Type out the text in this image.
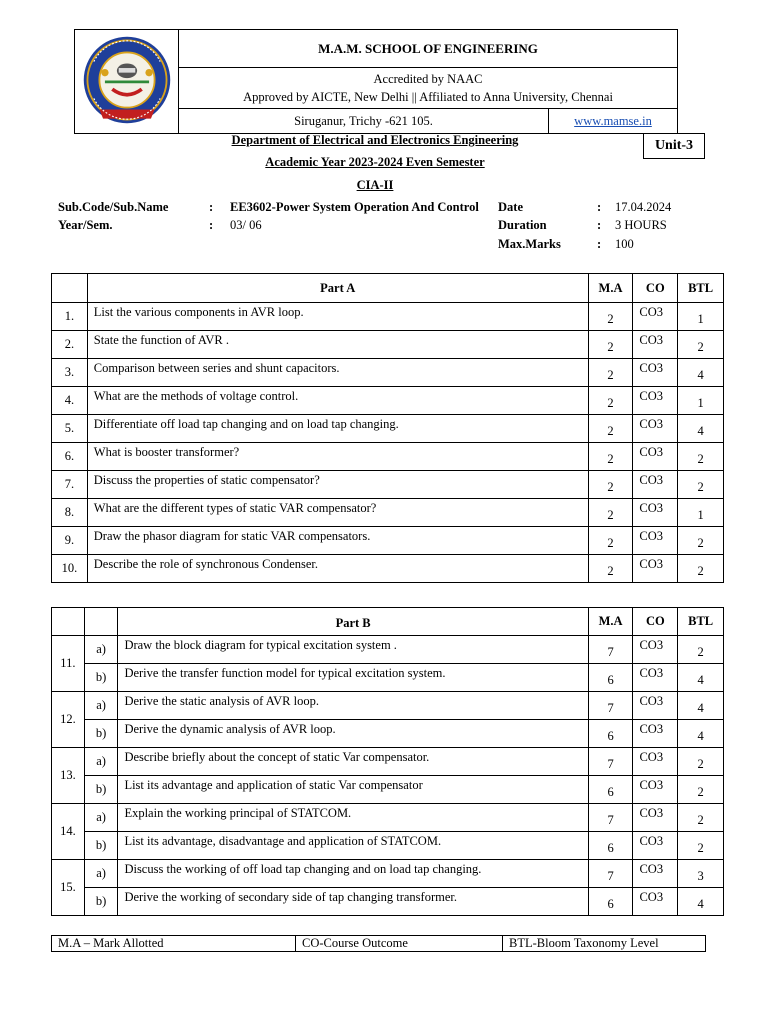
	M.A.M. SCHOOL OF ENGINEERING	

	Accredited by NAAC
Approved by AICTE, New Delhi || Affiliated to Anna University, Chennai	

	Siruganur, Trichy -621 105.	www.mamse.in
Department of Electrical and Electronics Engineering
Academic Year 2023-2024 Even Semester
CIA-II
Unit-3
Sub.Code/Sub.Name	: EE3602-Power System Operation And Control
Year/Sem.	: 03/ 06
Date	: 17.04.2024
Duration	: 3 HOURS
Max.Marks	: 100
	Part A	M.A	CO	BTL
1.	List the various components in AVR loop.	2	CO3	1
2.	State the function of AVR .	2	CO3	2
3.	Comparison between series and shunt capacitors.	2	CO3	4
4.	What are the methods of voltage control.	2	CO3	1
5.	Differentiate off load tap changing and on load tap changing.	2	CO3	4
6.	What is booster transformer?	2	CO3	2
7.	Discuss the properties of static compensator?	2	CO3	2
8.	What are the different types of static VAR compensator?	2	CO3	1
9.	Draw the phasor diagram for static VAR compensators.	2	CO3	2
10.	Describe the role of synchronous Condenser.	2	CO3	2
		Part B	M.A	CO	BTL
11.	a)	Draw the block diagram for typical excitation system .	7	CO3	2
	b)	Derive the transfer function model for typical excitation system.	6	CO3	4
12.	a)	Derive the static analysis of AVR loop.	7	CO3	4
	b)	Derive the dynamic analysis of AVR loop.	6	CO3	4
13.	a)	Describe briefly about the concept of static Var compensator.	7	CO3	2
	b)	List its advantage and application of static Var compensator	6	CO3	2
14.	a)	Explain the working principal of STATCOM.	7	CO3	2
	b)	List its advantage, disadvantage and application of STATCOM.	6	CO3	2
15.	a)	Discuss the working of off load tap changing and on load tap changing.	7	CO3	3
	b)	Derive the working of secondary side of tap changing transformer.	6	CO3	4
M.A – Mark Allotted	CO-Course Outcome	BTL-Bloom Taxonomy Level
